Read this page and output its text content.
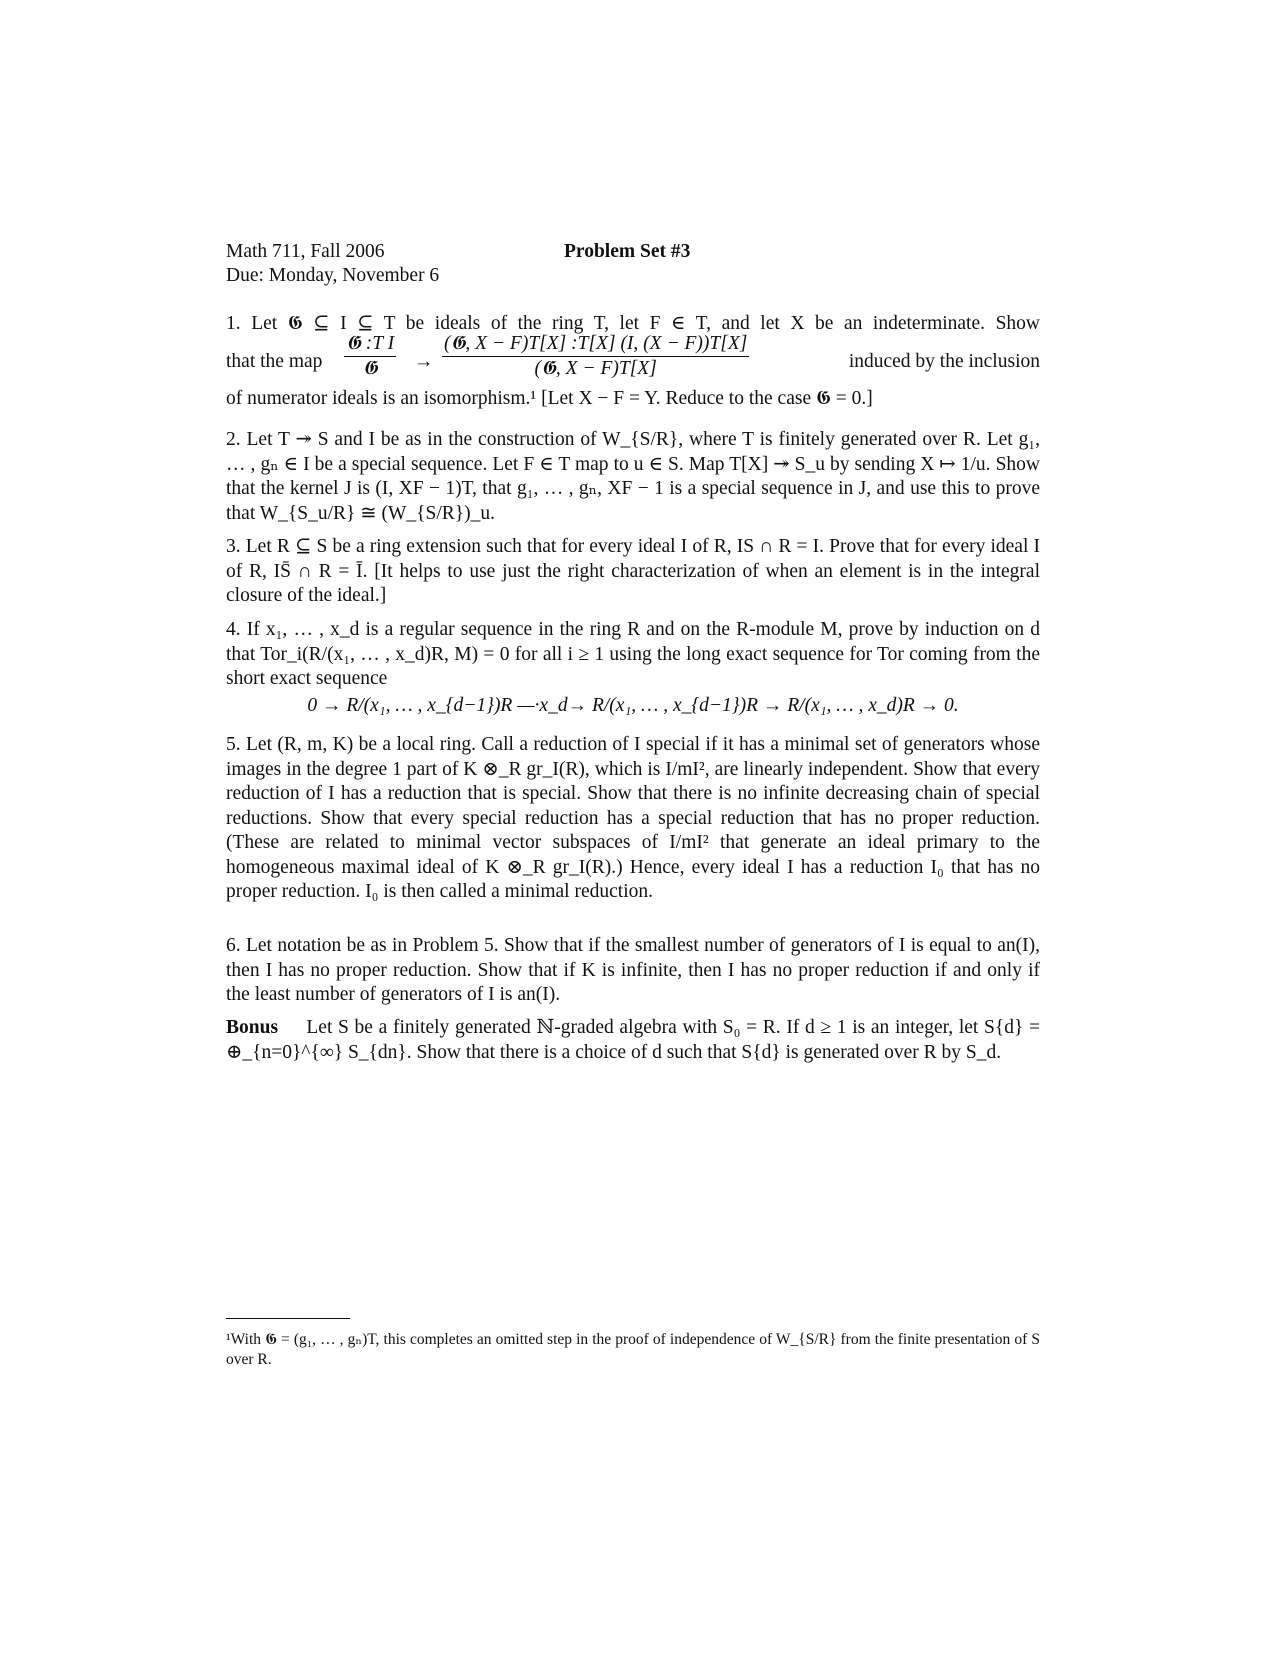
Math 711, Fall 2006
Due: Monday, November 6
Problem Set #3

1. Let 𝕲 ⊆ I ⊆ T be ideals of the ring T, let F ∈ T, and let X be an indeterminate. Show

that the map
𝕲 :T I
𝕲	→
(𝕲, X − F)T[X] :T[X] (I, (X − F))T[X]
(𝕲, X − F)T[X]	induced by the inclusion

of numerator ideals is an isomorphism.¹ [Let X − F = Y. Reduce to the case 𝕲 = 0.]

2. Let T ↠ S and I be as in the construction of W_{S/R}, where T is finitely generated over R. Let g₁, … , gₙ ∈ I be a special sequence. Let F ∈ T map to u ∈ S. Map T[X] ↠ S_u by sending X ↦ 1/u. Show that the kernel J is (I, XF − 1)T, that g₁, … , gₙ, XF − 1 is a special sequence in J, and use this to prove that W_{S_u/R} ≅ (W_{S/R})_u.

3. Let R ⊆ S be a ring extension such that for every ideal I of R, IS ∩ R = I. Prove that for every ideal I of R, IS̄ ∩ R = Ī. [It helps to use just the right characterization of when an element is in the integral closure of the ideal.]

4. If x₁, … , x_d is a regular sequence in the ring R and on the R-module M, prove by induction on d that Tor_i(R/(x₁, … , x_d)R, M) = 0 for all i ≥ 1 using the long exact sequence for Tor coming from the short exact sequence

0 → R/(x₁, … , x_{d−1})R —·x_d→ R/(x₁, … , x_{d−1})R → R/(x₁, … , x_d)R → 0.

5. Let (R, m, K) be a local ring. Call a reduction of I special if it has a minimal set of generators whose images in the degree 1 part of K ⊗_R gr_I(R), which is I/mI², are linearly independent. Show that every reduction of I has a reduction that is special. Show that there is no infinite decreasing chain of special reductions. Show that every special reduction has a special reduction that has no proper reduction. (These are related to minimal vector subspaces of I/mI² that generate an ideal primary to the homogeneous maximal ideal of K ⊗_R gr_I(R).) Hence, every ideal I has a reduction I₀ that has no proper reduction. I₀ is then called a minimal reduction.

6. Let notation be as in Problem 5. Show that if the smallest number of generators of I is equal to an(I), then I has no proper reduction. Show that if K is infinite, then I has no proper reduction if and only if the least number of generators of I is an(I).

Bonus Let S be a finitely generated ℕ-graded algebra with S₀ = R. If d ≥ 1 is an integer, let S{d} = ⊕_{n=0}^{∞} S_{dn}. Show that there is a choice of d such that S{d} is generated over R by S_d.

¹With 𝕲 = (g₁, … , gₙ)T, this completes an omitted step in the proof of independence of W_{S/R} from the finite presentation of S over R.
